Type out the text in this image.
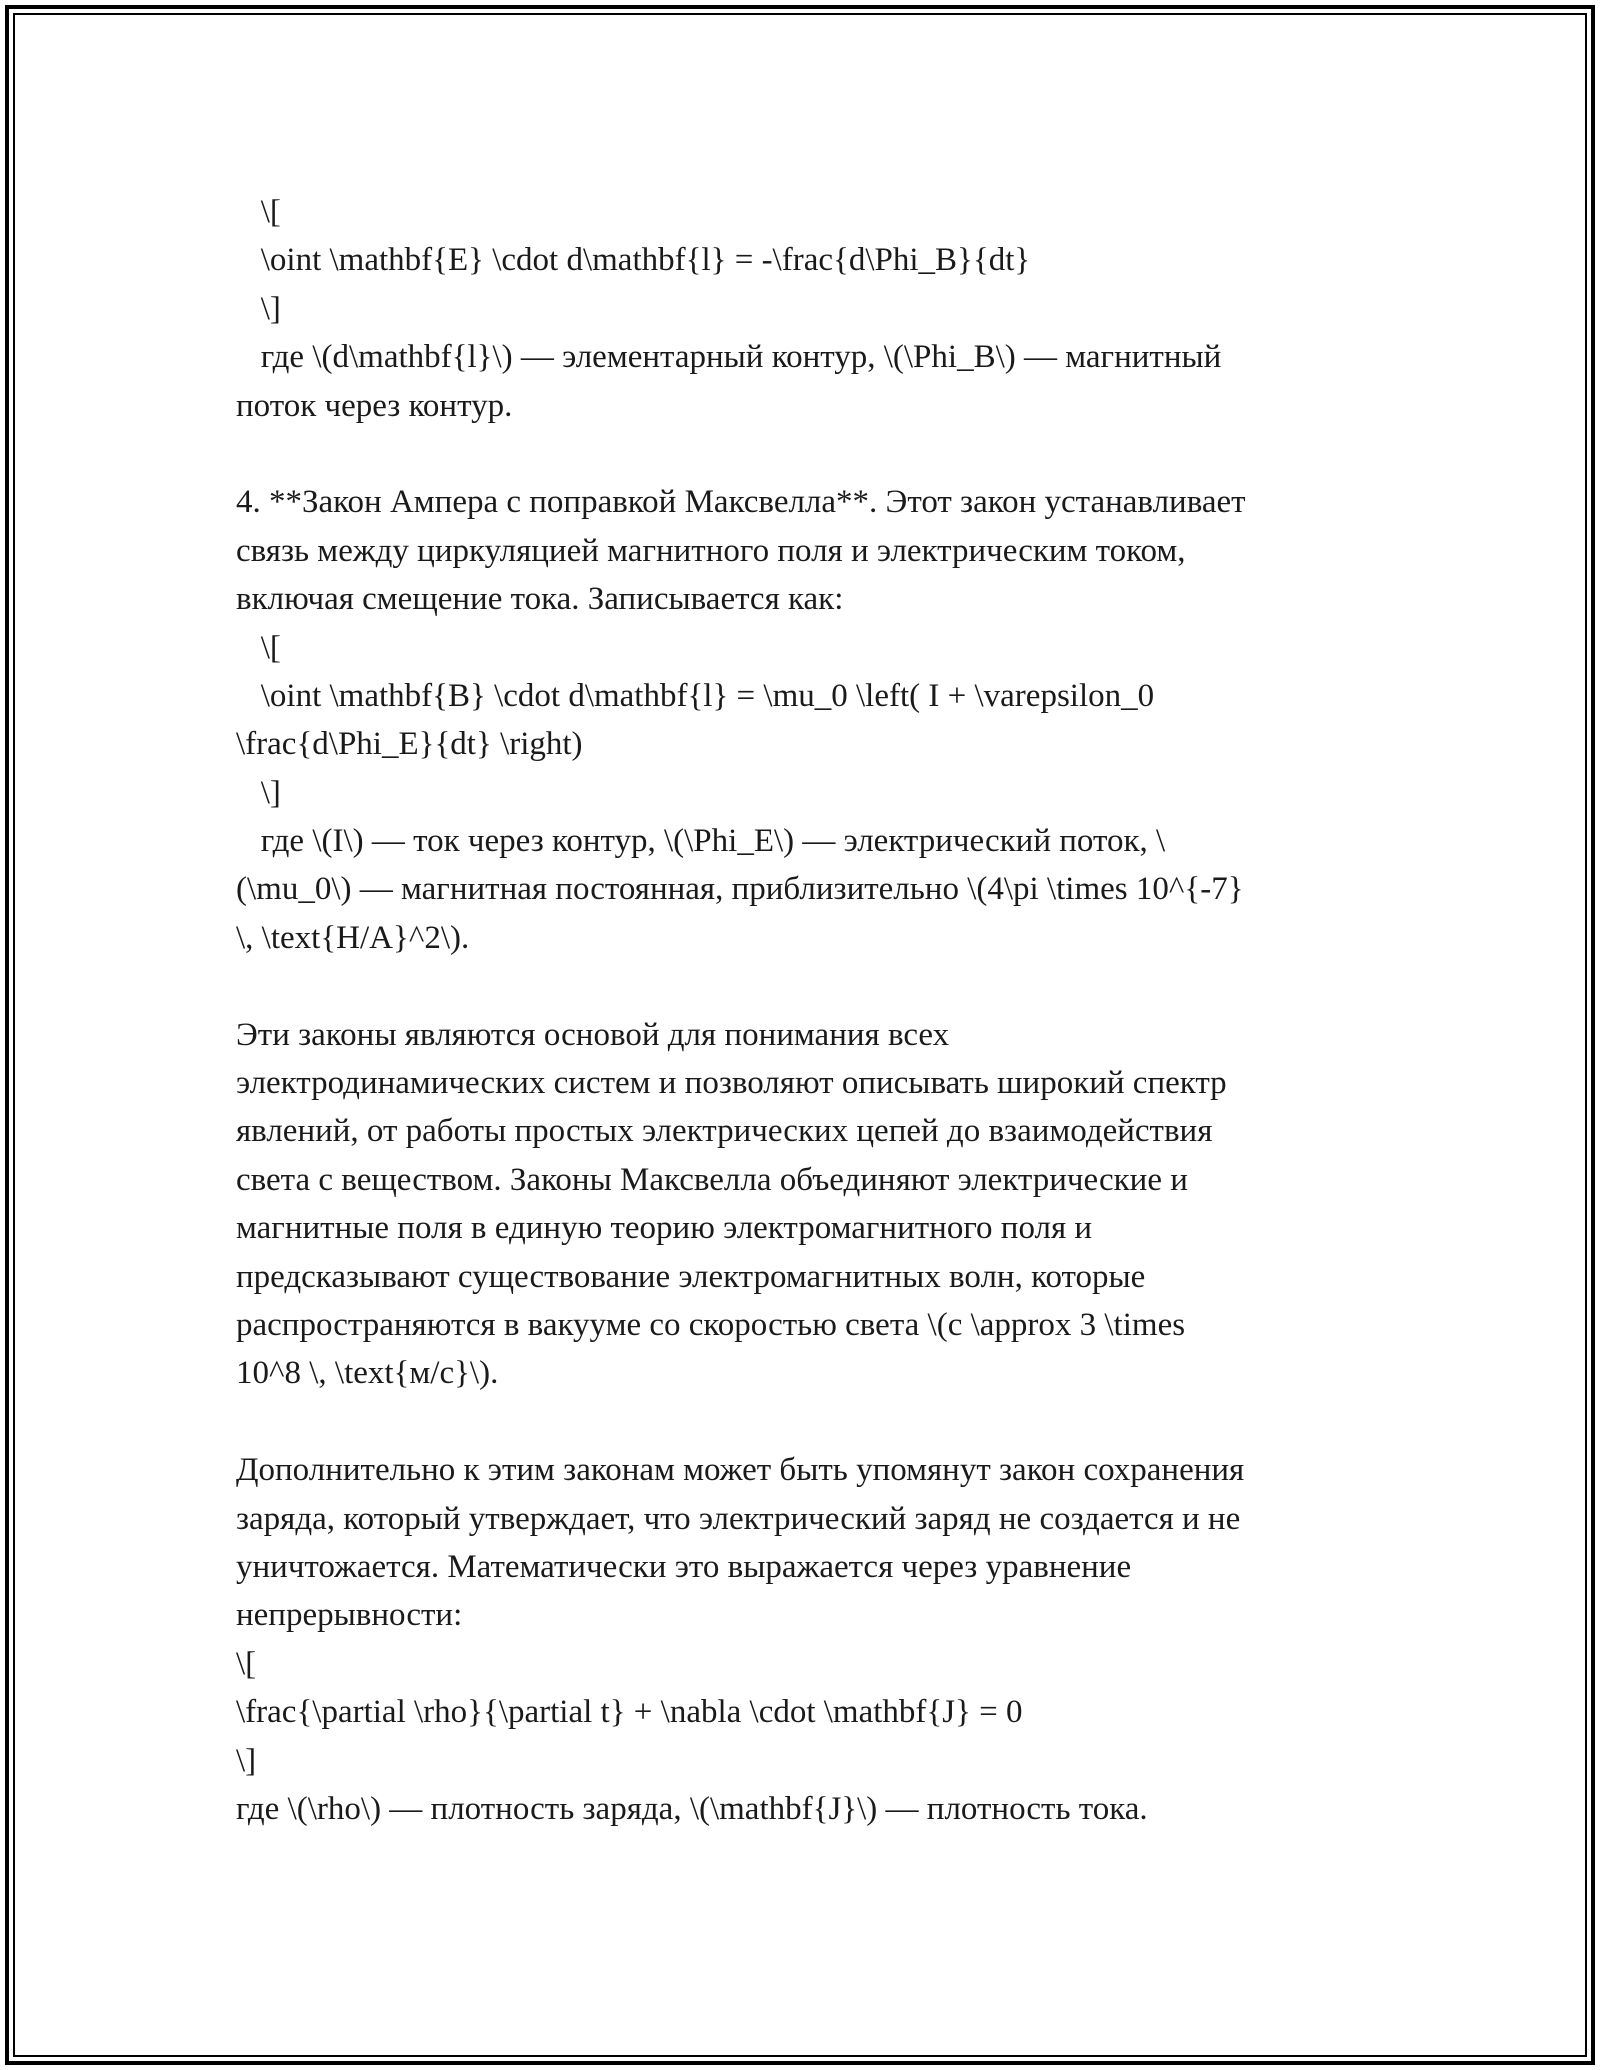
\[
\oint \mathbf{E} \cdot d\mathbf{l} = -\frac{d\Phi_B}{dt}
\]
где \(d\mathbf{l}\) — элементарный контур, \(\Phi_B\) — магнитный
поток через контур.
4. **Закон Ампера с поправкой Максвелла**. Этот закон устанавливает
связь между циркуляцией магнитного поля и электрическим током,
включая смещение тока. Записывается как:
\[
\oint \mathbf{B} \cdot d\mathbf{l} = \mu_0 \left( I + \varepsilon_0
\frac{d\Phi_E}{dt} \right)
\]
где \(I\) — ток через контур, \(\Phi_E\) — электрический поток, \
(\mu_0\) — магнитная постоянная, приблизительно \(4\pi \times 10^{-7}
\, \text{H/A}^2\).
Эти законы являются основой для понимания всех
электродинамических систем и позволяют описывать широкий спектр
явлений, от работы простых электрических цепей до взаимодействия
света с веществом. Законы Максвелла объединяют электрические и
магнитные поля в единую теорию электромагнитного поля и
предсказывают существование электромагнитных волн, которые
распространяются в вакууме со скоростью света \(c \approx 3 \times
10^8 \, \text{м/с}\).
Дополнительно к этим законам может быть упомянут закон сохранения
заряда, который утверждает, что электрический заряд не создается и не
уничтожается. Математически это выражается через уравнение
непрерывности:
\[
\frac{\partial \rho}{\partial t} + \nabla \cdot \mathbf{J} = 0
\]
где \(\rho\) — плотность заряда, \(\mathbf{J}\) — плотность тока.
